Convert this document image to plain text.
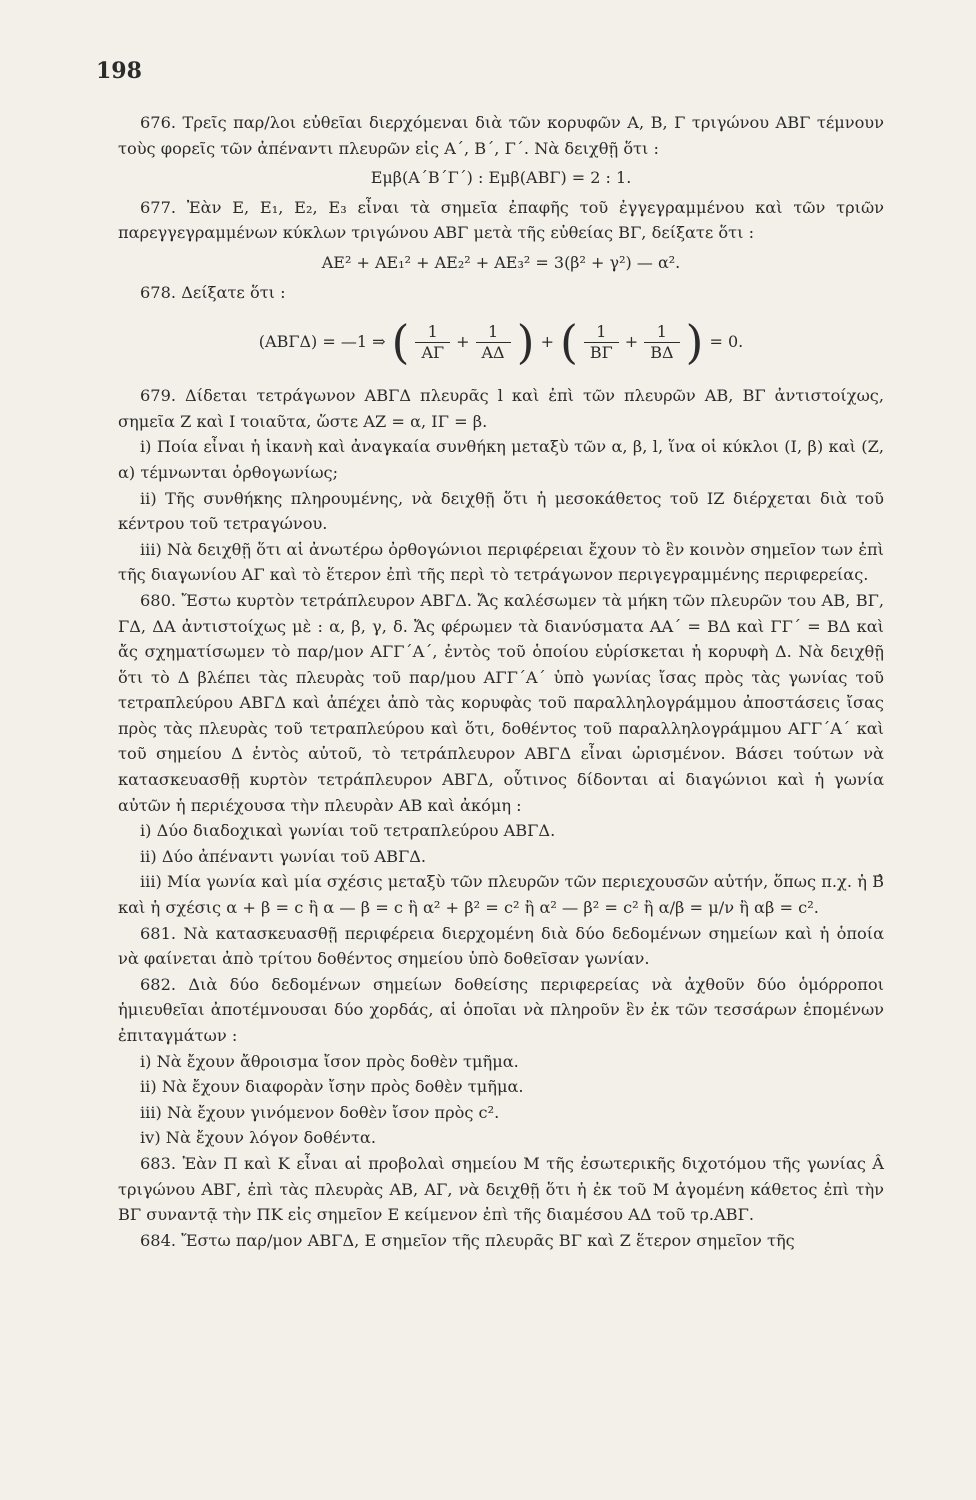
198

676. Τρεῖς παρ/λοι εὐθεῖαι διερχόμεναι διὰ τῶν κορυφῶν Α, Β, Γ τριγώνου ΑΒΓ τέμνουν τοὺς φορεῖς τῶν ἀπέναντι πλευρῶν εἰς Α΄, Β΄, Γ΄. Νὰ δειχθῇ ὅτι :

Εμβ(Α΄Β΄Γ΄) : Εμβ(ΑΒΓ) = 2 : 1.

677. Ἐὰν Ε, Ε₁, Ε₂, Ε₃ εἶναι τὰ σημεῖα ἐπαφῆς τοῦ ἐγγεγραμμένου καὶ τῶν τριῶν παρεγγεγραμμένων κύκλων τριγώνου ΑΒΓ μετὰ τῆς εὐθείας ΒΓ, δείξατε ὅτι :

ΑΕ² + ΑΕ₁² + ΑΕ₂² + ΑΕ₃² = 3(β² + γ²) — α².

678. Δείξατε ὅτι :

(ΑΒΓΔ) = —1 ⇒ ( $\frac{1}{A\Gamma} + \frac{1}{A\Delta}$ ) + ( $\frac{1}{B\Gamma} + \frac{1}{B\Delta}$ ) = 0.

679. Δίδεται τετράγωνον ΑΒΓΔ πλευρᾶς l καὶ ἐπὶ τῶν πλευρῶν ΑΒ, ΒΓ ἀντιστοίχως, σημεῖα Ζ καὶ Ι τοιαῦτα, ὥστε ΑΖ = α, ΙΓ = β.

i) Ποία εἶναι ἡ ἱκανὴ καὶ ἀναγκαία συνθήκη μεταξὺ τῶν α, β, l, ἵνα οἱ κύκλοι (Ι, β) καὶ (Ζ, α) τέμνωνται ὀρθογωνίως;

ii) Τῆς συνθήκης πληρουμένης, νὰ δειχθῇ ὅτι ἡ μεσοκάθετος τοῦ ΙΖ διέρχεται διὰ τοῦ κέντρου τοῦ τετραγώνου.

iii) Νὰ δειχθῇ ὅτι αἱ ἀνωτέρω ὀρθογώνιοι περιφέρειαι ἔχουν τὸ ἓν κοινὸν σημεῖον των ἐπὶ τῆς διαγωνίου ΑΓ καὶ τὸ ἕτερον ἐπὶ τῆς περὶ τὸ τετράγωνον περιγεγραμμένης περιφερείας.

680. Ἔστω κυρτὸν τετράπλευρον ΑΒΓΔ. Ἄς καλέσωμεν τὰ μήκη τῶν πλευρῶν του ΑΒ, ΒΓ, ΓΔ, ΔΑ ἀντιστοίχως μὲ : α, β, γ, δ. Ἄς φέρωμεν τὰ διανύσματα ΑΑ΄ = ΒΔ καὶ ΓΓ΄ = ΒΔ καὶ ἄς σχηματίσωμεν τὸ παρ/μον ΑΓΓ΄Α΄, ἐντὸς τοῦ ὁποίου εὑρίσκεται ἡ κορυφὴ Δ. Νὰ δειχθῇ ὅτι τὸ Δ βλέπει τὰς πλευρὰς τοῦ παρ/μου ΑΓΓ΄Α΄ ὑπὸ γωνίας ἴσας πρὸς τὰς γωνίας τοῦ τετραπλεύρου ΑΒΓΔ καὶ ἀπέχει ἀπὸ τὰς κορυφὰς τοῦ παραλληλογράμμου ἀποστάσεις ἴσας πρὸς τὰς πλευρὰς τοῦ τετραπλεύρου καὶ ὅτι, δοθέντος τοῦ παραλληλογράμμου ΑΓΓ΄Α΄ καὶ τοῦ σημείου Δ ἐντὸς αὐτοῦ, τὸ τετράπλευρον ΑΒΓΔ εἶναι ὡρισμένον. Βάσει τούτων νὰ κατασκευασθῇ κυρτὸν τετράπλευρον ΑΒΓΔ, οὗτινος δίδονται αἱ διαγώνιοι καὶ ἡ γωνία αὐτῶν ἡ περιέχουσα τὴν πλευρὰν ΑΒ καὶ ἀκόμη :

i) Δύο διαδοχικαὶ γωνίαι τοῦ τετραπλεύρου ΑΒΓΔ.

ii) Δύο ἀπέναντι γωνίαι τοῦ ΑΒΓΔ.

iii) Μία γωνία καὶ μία σχέσις μεταξὺ τῶν πλευρῶν τῶν περιεχουσῶν αὐτήν, ὅπως π.χ. ἡ Β̂ καὶ ἡ σχέσις α + β = c ἢ α — β = c ἢ α² + β² = c² ἢ α² — β² = c² ἢ α/β = μ/ν ἢ αβ = c².

681. Νὰ κατασκευασθῇ περιφέρεια διερχομένη διὰ δύο δεδομένων σημείων καὶ ἡ ὁποία νὰ φαίνεται ἀπὸ τρίτου δοθέντος σημείου ὑπὸ δοθεῖσαν γωνίαν.

682. Διὰ δύο δεδομένων σημείων δοθείσης περιφερείας νὰ ἀχθοῦν δύο ὁμόρροποι ἡμιευθεῖαι ἀποτέμνουσαι δύο χορδάς, αἱ ὁποῖαι νὰ πληροῦν ἓν ἐκ τῶν τεσσάρων ἑπομένων ἐπιταγμάτων :

i) Νὰ ἔχουν ἄθροισμα ἴσον πρὸς δοθὲν τμῆμα.

ii) Νὰ ἔχουν διαφορὰν ἴσην πρὸς δοθὲν τμῆμα.

iii) Νὰ ἔχουν γινόμενον δοθὲν ἴσον πρὸς c².

iv) Νὰ ἔχουν λόγον δοθέντα.

683. Ἐὰν Π καὶ Κ εἶναι αἱ προβολαὶ σημείου Μ τῆς ἐσωτερικῆς διχοτόμου τῆς γωνίας Â τριγώνου ΑΒΓ, ἐπὶ τὰς πλευρὰς ΑΒ, ΑΓ, νὰ δειχθῇ ὅτι ἡ ἐκ τοῦ Μ ἀγομένη κάθετος ἐπὶ τὴν ΒΓ συναντᾷ τὴν ΠΚ εἰς σημεῖον Ε κείμενον ἐπὶ τῆς διαμέσου ΑΔ τοῦ τρ.ΑΒΓ.

684. Ἔστω παρ/μον ΑΒΓΔ, Ε σημεῖον τῆς πλευρᾶς ΒΓ καὶ Ζ ἕτερον σημεῖον τῆς
